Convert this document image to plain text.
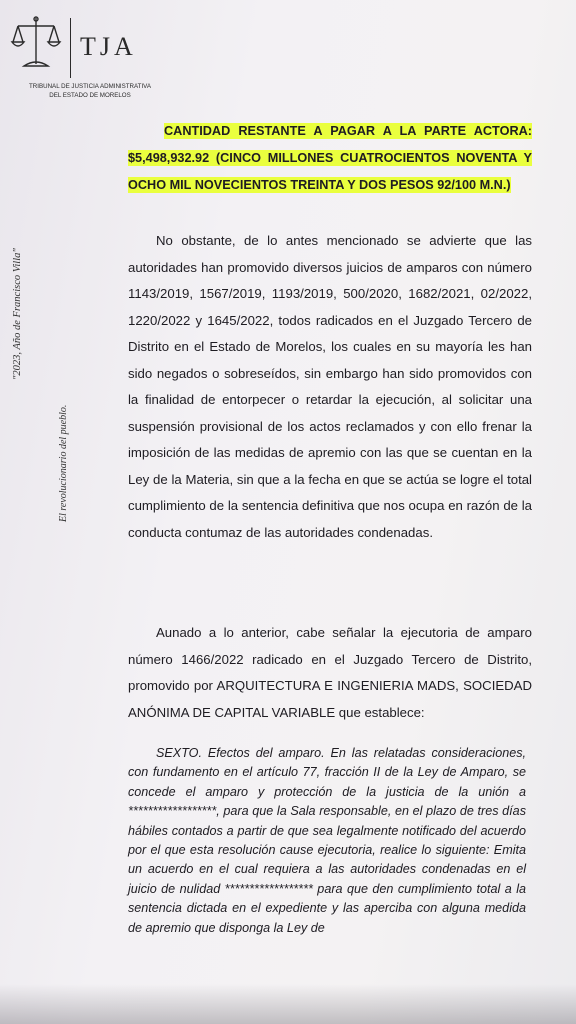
TJA
TRIBUNAL DE JUSTICIA ADMINISTRATIVA
DEL ESTADO DE MORELOS
"2023, Año de Francisco Villa"
El revolucionario del pueblo.
CANTIDAD RESTANTE A PAGAR A LA PARTE ACTORA: $5,498,932.92 (CINCO MILLONES CUATROCIENTOS NOVENTA Y OCHO MIL NOVECIENTOS TREINTA Y DOS PESOS 92/100 M.N.)
No obstante, de lo antes mencionado se advierte que las autoridades han promovido diversos juicios de amparos con número 1143/2019, 1567/2019, 1193/2019, 500/2020, 1682/2021, 02/2022, 1220/2022 y 1645/2022, todos radicados en el Juzgado Tercero de Distrito en el Estado de Morelos, los cuales en su mayoría les han sido negados o sobreseídos, sin embargo han sido promovidos con la finalidad de entorpecer o retardar la ejecución, al solicitar una suspensión provisional de los actos reclamados y con ello frenar la imposición de las medidas de apremio con las que se cuentan en la Ley de la Materia, sin que a la fecha en que se actúa se logre el total cumplimiento de la sentencia definitiva que nos ocupa en razón de la conducta contumaz de las autoridades condenadas.
Aunado a lo anterior, cabe señalar la ejecutoria de amparo número 1466/2022 radicado en el Juzgado Tercero de Distrito, promovido por ARQUITECTURA E INGENIERIA MADS, SOCIEDAD ANÓNIMA DE CAPITAL VARIABLE que establece:
SEXTO. Efectos del amparo. En las relatadas consideraciones, con fundamento en el artículo 77, fracción II de la Ley de Amparo, se concede el amparo y protección de la justicia de la unión a ******************, para que la Sala responsable, en el plazo de tres días hábiles contados a partir de que sea legalmente notificado del acuerdo por el que esta resolución cause ejecutoria, realice lo siguiente: Emita un acuerdo en el cual requiera a las autoridades condenadas en el juicio de nulidad ****************** para que den cumplimiento total a la sentencia dictada en el expediente y las aperciba con alguna medida de apremio que disponga la Ley de
